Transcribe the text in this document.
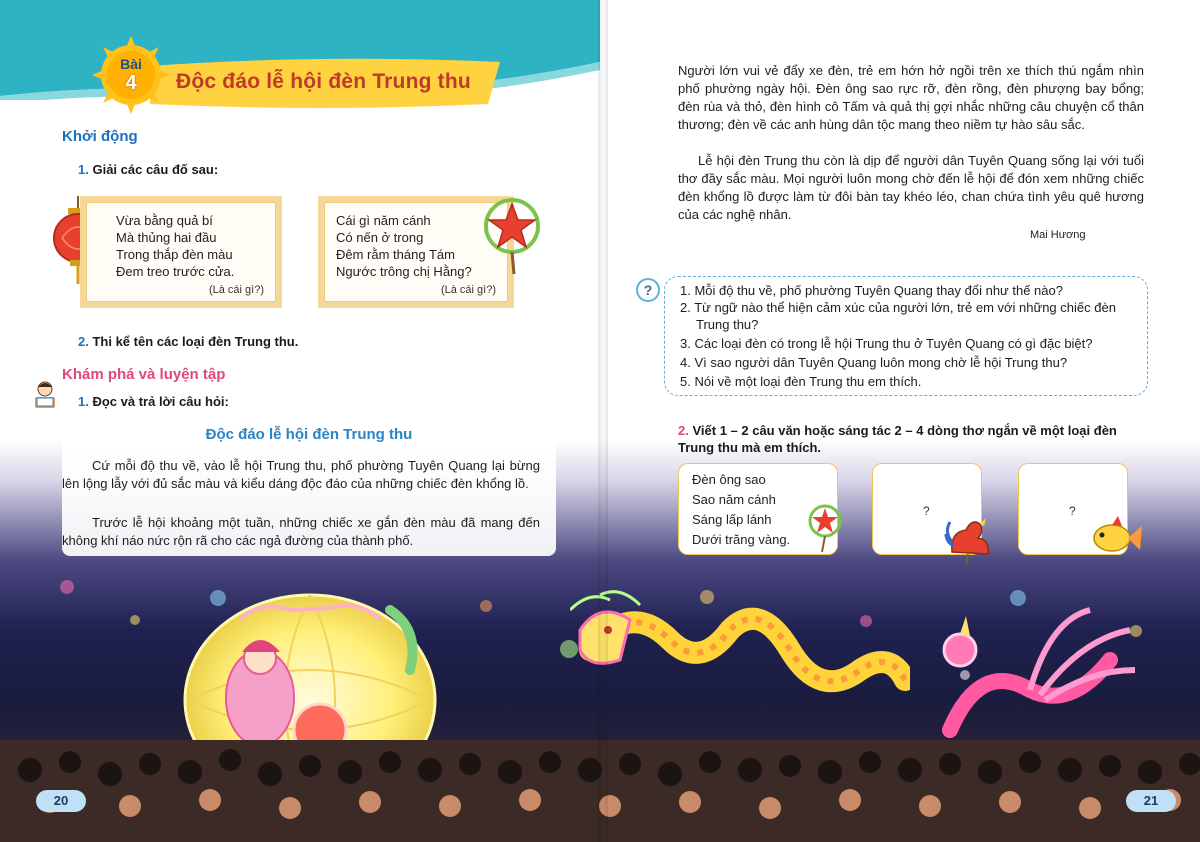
Bài
4	Độc đáo lễ hội đèn Trung thu
Khởi động
1. Giải các câu đố sau:
Vừa bằng quả bí
Mà thủng hai đầu
Trong thắp đèn màu
Đem treo trước cửa.
(Là cái gì?)
Cái gì năm cánh
Có nến ở trong
Đêm rằm tháng Tám
Ngước trông chị Hằng?
(Là cái gì?)
2. Thi kể tên các loại đèn Trung thu.
Khám phá và luyện tập
1. Đọc và trả lời câu hỏi:
Độc đáo lễ hội đèn Trung thu
Cứ mỗi độ thu về, vào lễ hội Trung thu, phố phường Tuyên Quang lại bừng lên lộng lẫy với đủ sắc màu và kiểu dáng độc đáo của những chiếc đèn khổng lồ.
Trước lễ hội khoảng một tuần, những chiếc xe gắn đèn màu đã mang đến không khí náo nức rộn rã cho các ngả đường của thành phố.
20
Người lớn vui vẻ đẩy xe đèn, trẻ em hớn hở ngồi trên xe thích thú ngắm nhìn phố phường ngày hội. Đèn ông sao rực rỡ, đèn rồng, đèn phượng bay bổng; đèn rùa và thỏ, đèn hình cô Tấm và quả thị gợi nhắc những câu chuyện cổ thân thương; đèn về các anh hùng dân tộc mang theo niềm tự hào sâu sắc.
Lễ hội đèn Trung thu còn là dịp để người dân Tuyên Quang sống lại với tuổi thơ đầy sắc màu. Mọi người luôn mong chờ đến lễ hội để đón xem những chiếc đèn khổng lồ được làm từ đôi bàn tay khéo léo, chan chứa tình yêu quê hương của các nghệ nhân.
Mai Hương
?	1. Mỗi độ thu về, phố phường Tuyên Quang thay đổi như thế nào?
2. Từ ngữ nào thể hiện cảm xúc của người lớn, trẻ em với những chiếc đèn
Trung thu?
3. Các loại đèn có trong lễ hội Trung thu ở Tuyên Quang có gì đặc biệt?
4. Vì sao người dân Tuyên Quang luôn mong chờ lễ hội Trung thu?
5. Nói về một loại đèn Trung thu em thích.
2. Viết 1 – 2 câu văn hoặc sáng tác 2 – 4 dòng thơ ngắn về một loại đèn
Trung thu mà em thích.
Đèn ông sao
Sao năm cánh
Sáng lấp lánh
Dưới trăng vàng.
?	?
21
